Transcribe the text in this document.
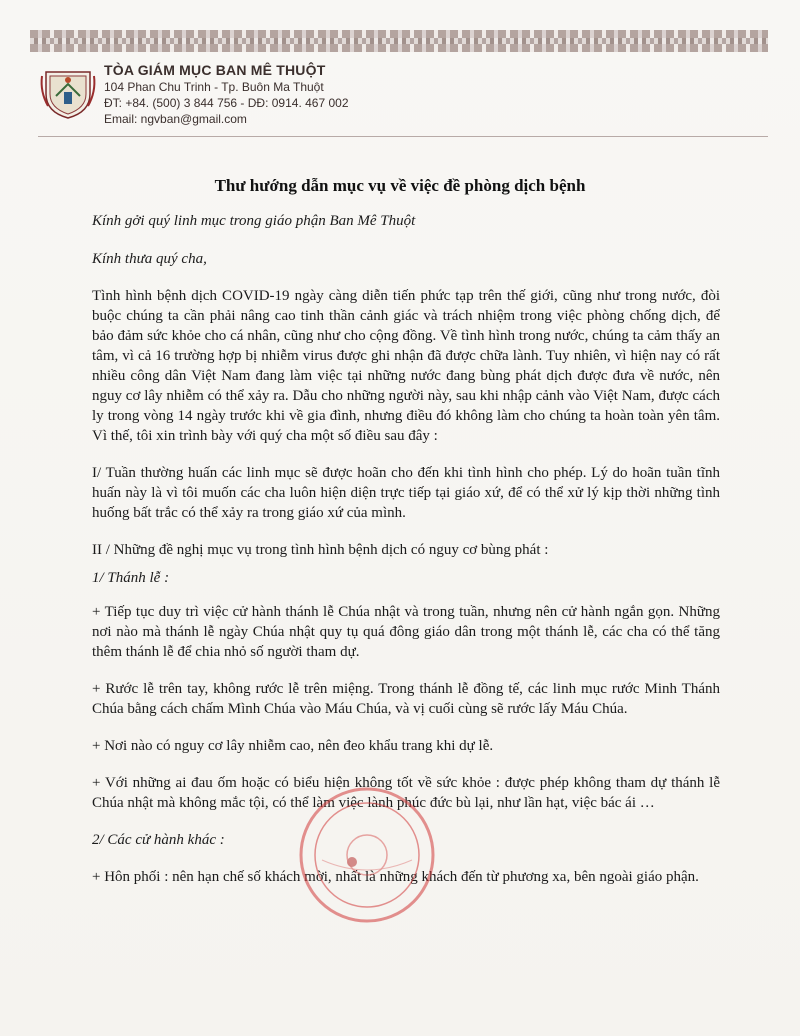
TÒA GIÁM MỤC BAN MÊ THUỘT

104 Phan Chu Trinh - Tp. Buôn Ma Thuột

ĐT: +84. (500) 3 844 756 - DĐ: 0914. 467 002

Email: ngvban@gmail.com

Thư hướng dẫn mục vụ về việc đề phòng dịch bệnh

Kính gởi quý linh mục trong giáo phận Ban Mê Thuột

Kính thưa quý cha,

Tình hình bệnh dịch COVID-19 ngày càng diễn tiến phức tạp trên thế giới, cũng như trong nước, đòi buộc chúng ta cần phải nâng cao tinh thần cảnh giác và trách nhiệm trong việc phòng chống dịch, để bảo đảm sức khỏe cho cá nhân, cũng như cho cộng đồng. Về tình hình trong nước, chúng ta cảm thấy an tâm, vì cả 16 trường hợp bị nhiễm virus được ghi nhận đã được chữa lành. Tuy nhiên, vì hiện nay có rất nhiều công dân Việt Nam đang làm việc tại những nước đang bùng phát dịch được đưa về nước, nên nguy cơ lây nhiễm có thể xảy ra. Dẫu cho những người này, sau khi nhập cảnh vào Việt Nam, được cách ly trong vòng 14 ngày trước khi về gia đình, nhưng điều đó không làm cho chúng ta hoàn toàn yên tâm. Vì thế, tôi xin trình bày với quý cha một số điều sau đây :

I/ Tuần thường huấn các linh mục sẽ được hoãn cho đến khi tình hình cho phép. Lý do hoãn tuần tĩnh huấn này là vì tôi muốn các cha luôn hiện diện trực tiếp tại giáo xứ, để có thể xử lý kịp thời những tình huống bất trắc có thể xảy ra trong giáo xứ của mình.

II / Những đề nghị mục vụ trong tình hình bệnh dịch có nguy cơ bùng phát :

1/ Thánh lễ :

+ Tiếp tục duy trì việc cử hành thánh lễ Chúa nhật và trong tuần, nhưng nên cử hành ngắn gọn. Những nơi nào mà thánh lễ ngày Chúa nhật quy tụ quá đông giáo dân trong một thánh lễ, các cha có thể tăng thêm thánh lễ để chia nhỏ số người tham dự.

+ Rước lễ trên tay, không rước lễ trên miệng. Trong thánh lễ đồng tế, các linh mục rước Minh Thánh Chúa bằng cách chấm Mình Chúa vào Máu Chúa, và vị cuối cùng sẽ rước lấy Máu Chúa.

+ Nơi nào có nguy cơ lây nhiễm cao, nên đeo khẩu trang khi dự lễ.

+ Với những ai đau ốm hoặc có biểu hiện không tốt về sức khỏe : được phép không tham dự thánh lễ Chúa nhật mà không mắc tội, có thể làm việc lành phúc đức bù lại, như lần hạt, việc bác ái …

2/ Các cử hành khác :

+ Hôn phối : nên hạn chế số khách mời, nhất là những khách đến từ phương xa, bên ngoài giáo phận.
